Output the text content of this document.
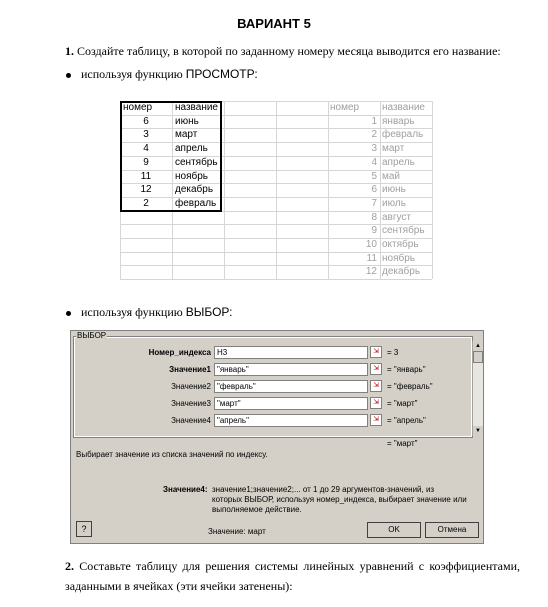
ВАРИАНТ 5
1. Создайте таблицу, в которой по заданному номеру месяца выводится его название:
используя функцию ПРОСМОТР:
номер	название
6	июнь
3	март
4	апрель
9	сентябрь
11	ноябрь
12	декабрь
2	февраль
номер	название
1 январь
2 февраль
3 март
4 апрель
5 май
6 июнь
7 июль
8 август
9 сентябрь
10 октябрь
11 ноябрь
12 декабрь
используя функцию ВЫБОР:
ВЫБОР
Номер_индекса H3	⇲	= 3
Значение1 "январь"	⇲	= "январь"
Значение2 "февраль"	⇲	= "февраль"
Значение3 "март"	⇲	= "март"
Значение4 "апрель"	⇲	= "апрель"
▲
▼
= "март"
Выбирает значение из списка значений по индексу.
Значение4: значение1;значение2;... от 1 до 29 аргументов-значений, из
которых ВЫБОР, используя номер_индекса, выбирает значение или
выполняемое действие.
?	Значение: март	OK	Отмена
2. Составьте таблицу для решения системы линейных уравнений с коэффициентами, заданными в ячейках (эти ячейки затенены):
